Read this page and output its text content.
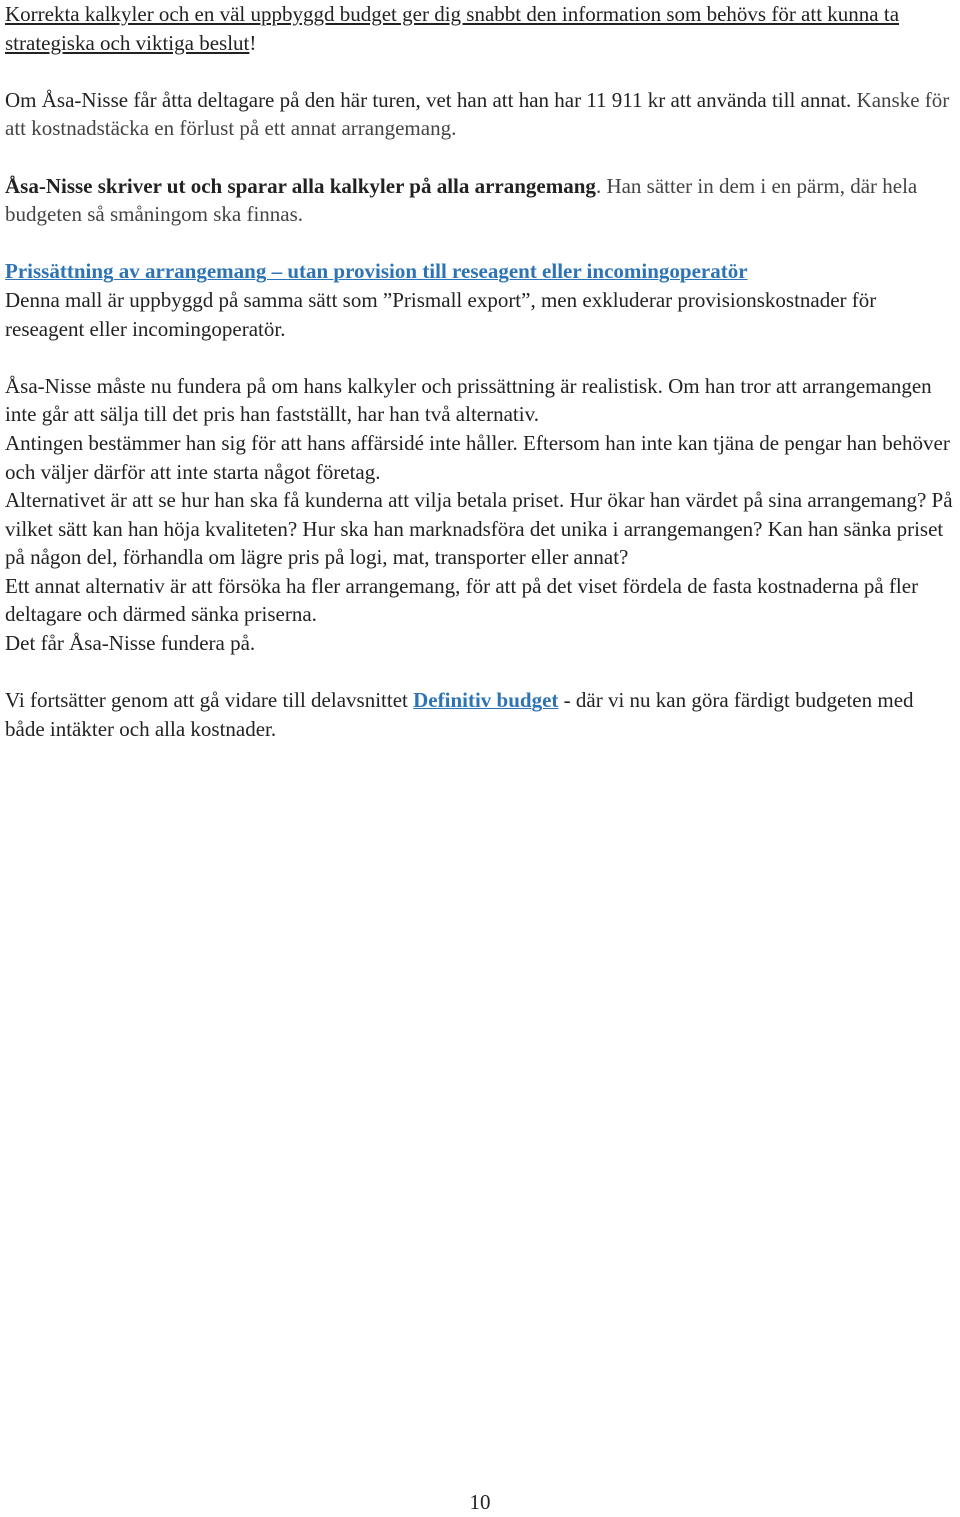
Korrekta kalkyler och en väl uppbyggd budget ger dig snabbt den information som behövs för att kunna ta strategiska och viktiga beslut!

Om Åsa-Nisse får åtta deltagare på den här turen, vet han att han har 11 911 kr att använda till annat. Kanske för att kostnadstäcka en förlust på ett annat arrangemang.

Åsa-Nisse skriver ut och sparar alla kalkyler på alla arrangemang. Han sätter in dem i en pärm, där hela budgeten så småningom ska finnas.

Prissättning av arrangemang – utan provision till reseagent eller incomingoperatör

Denna mall är uppbyggd på samma sätt som ”Prismall export”, men exkluderar provisionskostnader för reseagent eller incomingoperatör.

Åsa-Nisse måste nu fundera på om hans kalkyler och prissättning är realistisk. Om han tror att arrangemangen inte går att sälja till det pris han fastställt, har han två alternativ.

Antingen bestämmer han sig för att hans affärsidé inte håller. Eftersom han inte kan tjäna de pengar han behöver och väljer därför att inte starta något företag.

Alternativet är att se hur han ska få kunderna att vilja betala priset. Hur ökar han värdet på sina arrangemang? På vilket sätt kan han höja kvaliteten? Hur ska han marknadsföra det unika i arrangemangen? Kan han sänka priset på någon del, förhandla om lägre pris på logi, mat, transporter eller annat?

Ett annat alternativ är att försöka ha fler arrangemang, för att på det viset fördela de fasta kostnaderna på fler deltagare och därmed sänka priserna.

Det får Åsa-Nisse fundera på.

Vi fortsätter genom att gå vidare till delavsnittet Definitiv budget - där vi nu kan göra färdigt budgeten med både intäkter och alla kostnader.

10
